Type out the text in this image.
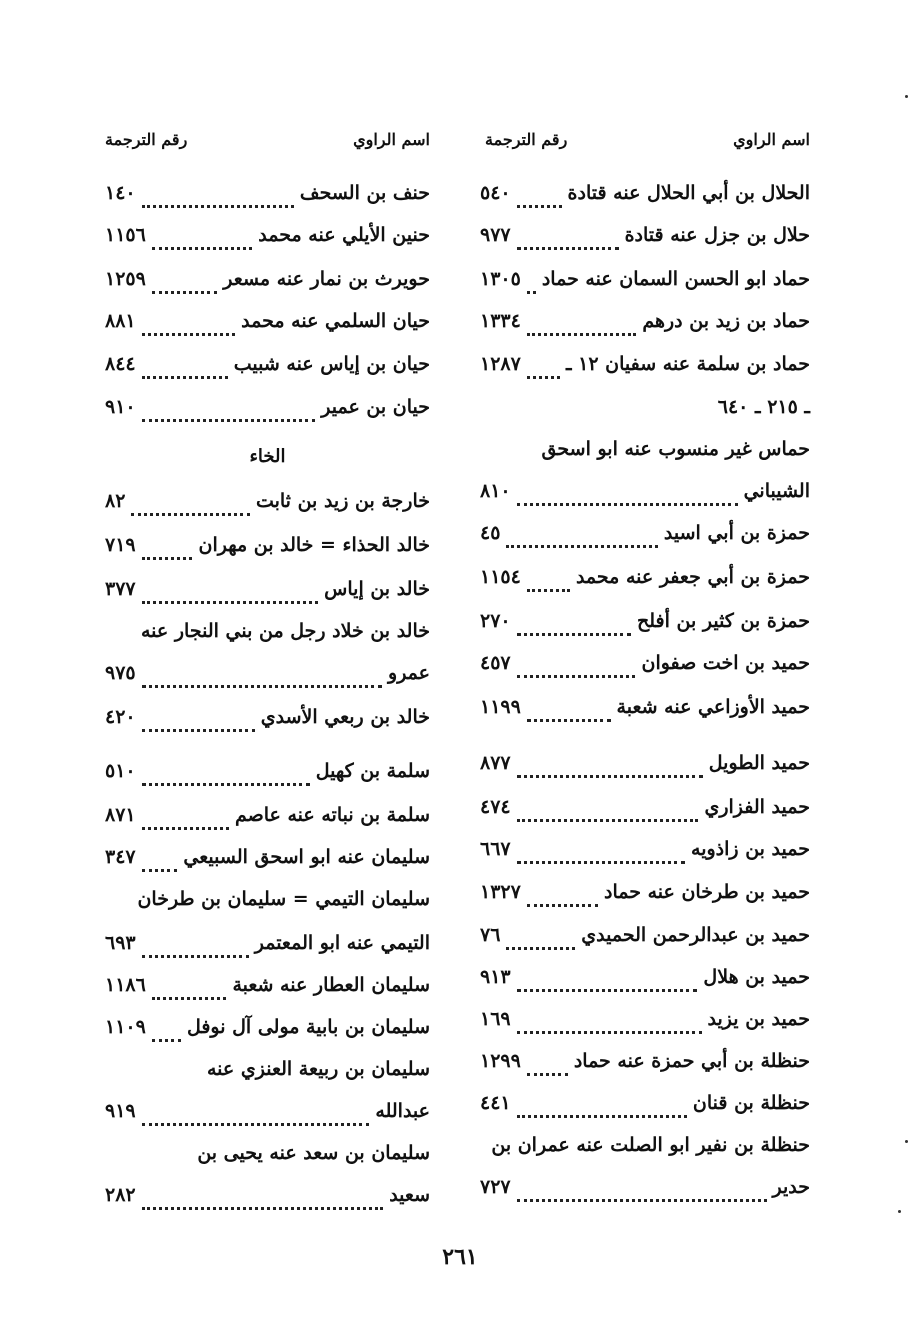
اسم الراوي
رقم الترجمة
الحلال بن أبي الحلال عنه قتادة
٥٤٠
حلال بن جزل عنه قتادة
٩٧٧
حماد ابو الحسن السمان عنه حماد
١٣٠٥
حماد بن زيد بن درهم
١٣٣٤
حماد بن سلمة عنه سفيان ١٢ ـ
١٢٨٧
ـ ٢١٥ ـ ٦٤٠
حماس غير منسوب عنه ابو اسحق
الشيباني
٨١٠
حمزة بن أبي اسيد
٤٥
حمزة بن أبي جعفر عنه محمد
١١٥٤
حمزة بن كثير بن أفلح
٢٧٠
حميد بن اخت صفوان
٤٥٧
حميد الأوزاعي عنه شعبة
١١٩٩
حميد الطويل
٨٧٧
حميد الفزاري
٤٧٤
حميد بن زاذويه
٦٦٧
حميد بن طرخان عنه حماد
١٣٢٧
حميد بن عبدالرحمن الحميدي
٧٦
حميد بن هلال
٩١٣
حميد بن يزيد
١٦٩
حنظلة بن أبي حمزة عنه حماد
١٢٩٩
حنظلة بن قنان
٤٤١
حنظلة بن نفير ابو الصلت عنه عمران بن
حدير
٧٢٧
اسم الراوي
رقم الترجمة
حنف بن السحف
١٤٠
حنين الأيلي عنه محمد
١١٥٦
حويرث بن نمار عنه مسعر
١٢٥٩
حيان السلمي عنه محمد
٨٨١
حيان بن إياس عنه شبيب
٨٤٤
حيان بن عمير
٩١٠
الخاء
خارجة بن زيد بن ثابت
٨٢
خالد الحذاء = خالد بن مهران
٧١٩
خالد بن إياس
٣٧٧
خالد بن خلاد رجل من بني النجار عنه
عمرو
٩٧٥
خالد بن ربعي الأسدي
٤٢٠
سلمة بن كهيل
٥١٠
سلمة بن نباته عنه عاصم
٨٧١
سليمان عنه ابو اسحق السبيعي
٣٤٧
سليمان التيمي = سليمان بن طرخان
التيمي عنه ابو المعتمر
٦٩٣
سليمان العطار عنه شعبة
١١٨٦
سليمان بن بابية مولى آل نوفل
١١٠٩
سليمان بن ربيعة العنزي عنه
عبدالله
٩١٩
سليمان بن سعد عنه يحيى بن
سعيد
٢٨٢
٢٦١
